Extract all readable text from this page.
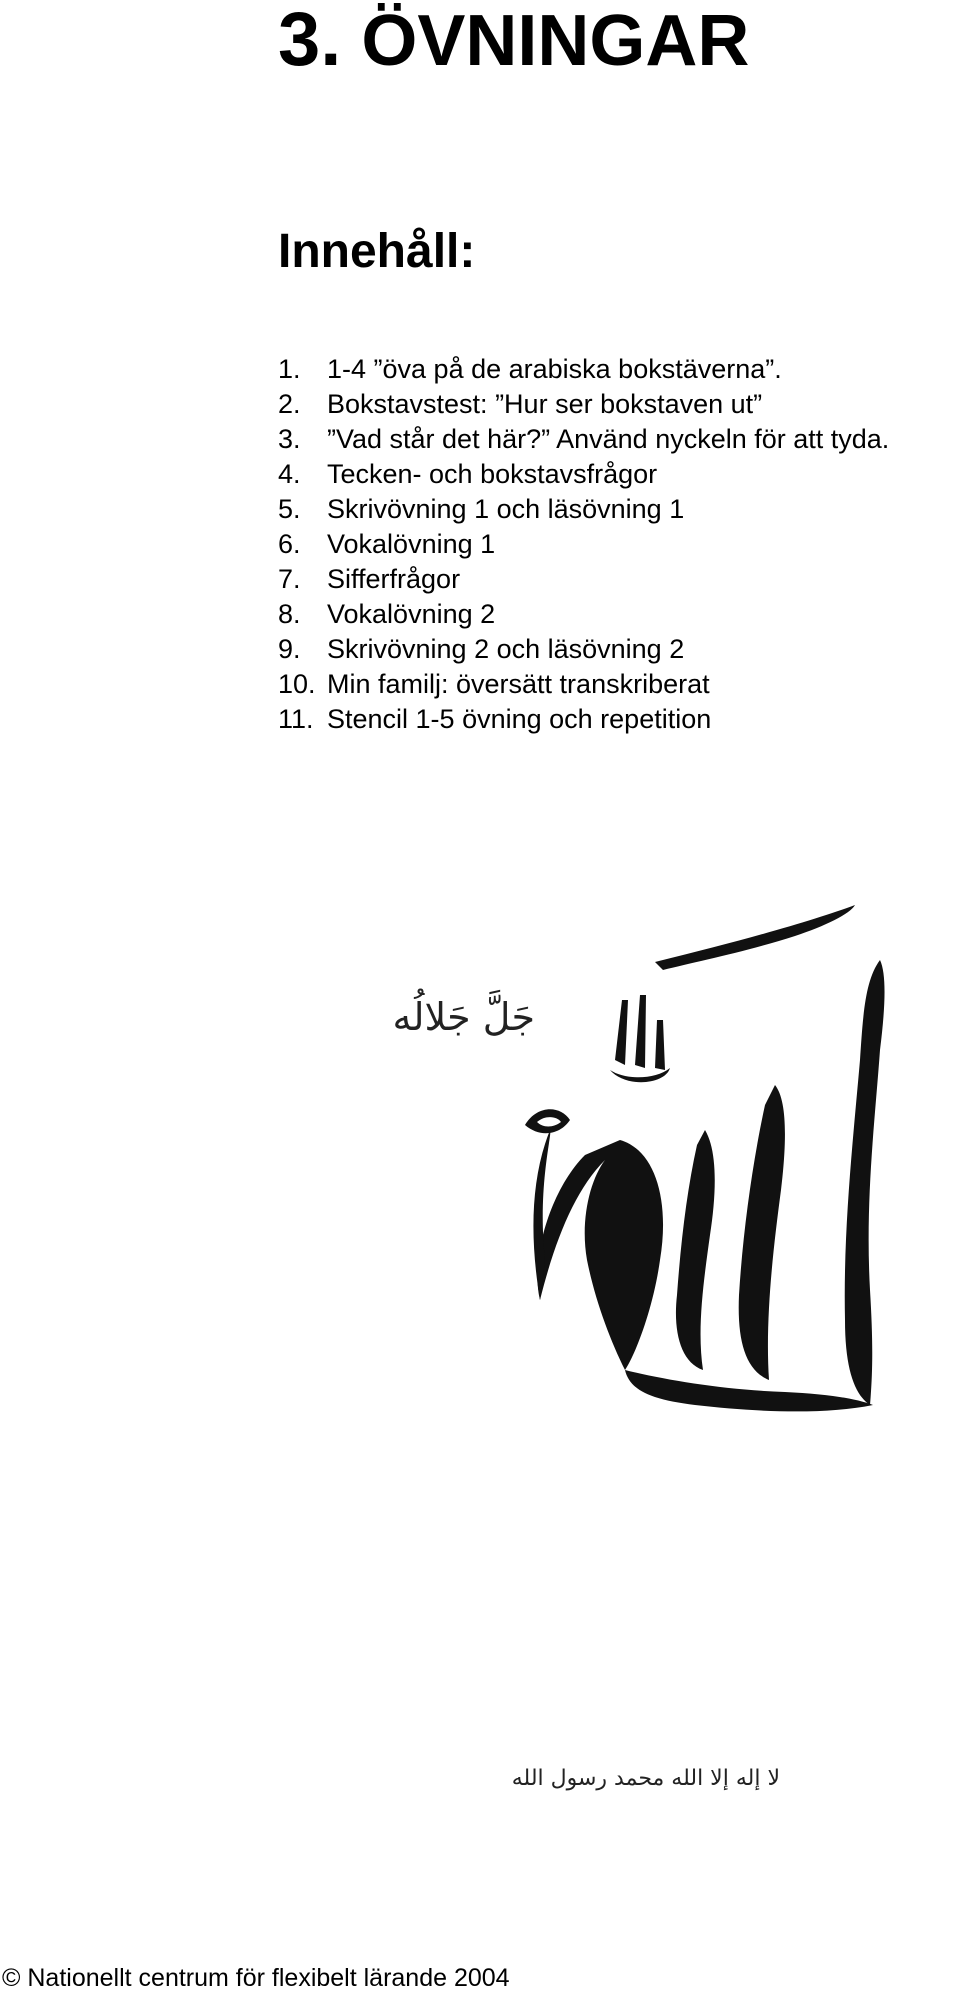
3. ÖVNINGAR
Innehåll:
1. 1-4 ”öva på de arabiska bokstäverna”.
2. Bokstavstest: ”Hur ser bokstaven ut”
3. ”Vad står det här?” Använd nyckeln för att tyda.
4. Tecken- och bokstavsfrågor
5. Skrivövning 1 och läsövning 1
6. Vokalövning 1
7. Sifferfrågor
8. Vokalövning 2
9. Skrivövning 2 och läsövning 2
10. Min familj: översätt transkriberat
11. Stencil 1-5 övning och repetition
جَلَّ جَلالُه
لا إله إلا الله محمد رسول الله
© Nationellt centrum för flexibelt lärande 2004
